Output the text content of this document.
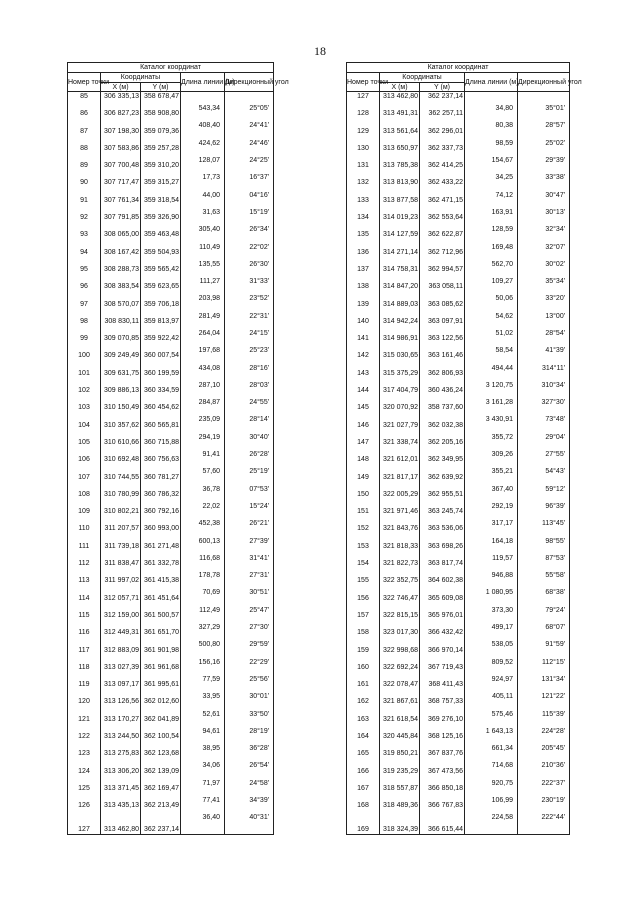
18
Каталог координат				
Номер точки	Координаты		Длина линии (м)	Дирекционный угол
	X (м)	Y (м)		
85	306 335,13	358 678,47	543,34	25°05'
86	306 827,23	358 908,80	408,40	24°41'
87	307 198,30	359 079,36	424,62	24°46'
88	307 583,86	359 257,28	128,07	24°25'
89	307 700,48	359 310,20	17,73	16°37'
90	307 717,47	359 315,27	44,00	04°16'
91	307 761,34	359 318,54	31,63	15°19'
92	307 791,85	359 326,90	305,40	26°34'
93	308 065,00	359 463,48	110,49	22°02'
94	308 167,42	359 504,93	135,55	26°30'
95	308 288,73	359 565,42	111,27	31°33'
96	308 383,54	359 623,65	203,98	23°52'
97	308 570,07	359 706,18	281,49	22°31'
98	308 830,11	359 813,97	264,04	24°15'
99	309 070,85	359 922,42	197,68	25°23'
100	309 249,49	360 007,54	434,08	28°16'
101	309 631,75	360 199,59	287,10	28°03'
102	309 886,13	360 334,59	284,87	24°55'
103	310 150,49	360 454,62	235,09	28°14'
104	310 357,62	360 565,81	294,19	30°40'
105	310 610,66	360 715,88	91,41	26°28'
106	310 692,48	360 756,63	57,60	25°19'
107	310 744,55	360 781,27	36,78	07°53'
108	310 780,99	360 786,32	22,02	15°24'
109	310 802,21	360 792,16	452,38	26°21'
110	311 207,57	360 993,00	600,13	27°39'
111	311 739,18	361 271,48	116,68	31°41'
112	311 838,47	361 332,78	178,78	27°31'
113	311 997,02	361 415,38	70,69	30°51'
114	312 057,71	361 451,64	112,49	25°47'
115	312 159,00	361 500,57	327,29	27°30'
116	312 449,31	361 651,70	500,80	29°59'
117	312 883,09	361 901,98	156,16	22°29'
118	313 027,39	361 961,68	77,59	25°56'
119	313 097,17	361 995,61	33,95	30°01'
120	313 126,56	362 012,60	52,61	33°50'
121	313 170,27	362 041,89	94,61	28°19'
122	313 244,50	362 100,54	38,95	36°28'
123	313 275,83	362 123,68	34,06	26°54'
124	313 306,20	362 139,09	71,97	24°58'
125	313 371,45	362 169,47	77,41	34°39'
126	313 435,13	362 213,49	36,40	40°31'
127	313 462,80	362 237,14		
Каталог координат				
Номер точки	Координаты		Длина линии (м)	Дирекционный угол
	X (м)	Y (м)		
127	313 462,80	362 237,14	34,80	35°01'
128	313 491,31	362 257,11	80,38	28°57'
129	313 561,64	362 296,01	98,59	25°02'
130	313 650,97	362 337,73	154,67	29°39'
131	313 785,38	362 414,25	34,25	33°38'
132	313 813,90	362 433,22	74,12	30°47'
133	313 877,58	362 471,15	163,91	30°13'
134	314 019,23	362 553,64	128,59	32°34'
135	314 127,59	362 622,87	169,48	32°07'
136	314 271,14	362 712,96	562,70	30°02'
137	314 758,31	362 994,57	109,27	35°34'
138	314 847,20	363 058,11	50,06	33°20'
139	314 889,03	363 085,62	54,62	13°00'
140	314 942,24	363 097,91	51,02	28°54'
141	314 986,91	363 122,56	58,54	41°39'
142	315 030,65	363 161,46	494,44	314°11'
143	315 375,29	362 806,93	3 120,75	310°34'
144	317 404,79	360 436,24	3 161,28	327°30'
145	320 070,92	358 737,60	3 430,91	73°48'
146	321 027,79	362 032,38	355,72	29°04'
147	321 338,74	362 205,16	309,26	27°55'
148	321 612,01	362 349,95	355,21	54°43'
149	321 817,17	362 639,92	367,40	59°12'
150	322 005,29	362 955,51	292,19	96°39'
151	321 971,46	363 245,74	317,17	113°45'
152	321 843,76	363 536,06	164,18	98°55'
153	321 818,33	363 698,26	119,57	87°53'
154	321 822,73	363 817,74	946,88	55°58'
155	322 352,75	364 602,38	1 080,95	68°38'
156	322 746,47	365 609,08	373,30	79°24'
157	322 815,15	365 976,01	499,17	68°07'
158	323 017,30	366 432,42	538,05	91°59'
159	322 998,68	366 970,14	809,52	112°15'
160	322 692,24	367 719,43	924,97	131°34'
161	322 078,47	368 411,43	405,11	121°22'
162	321 867,61	368 757,33	575,46	115°39'
163	321 618,54	369 276,10	1 643,13	224°28'
164	320 445,84	368 125,16	661,34	205°45'
165	319 850,21	367 837,76	714,68	210°36'
166	319 235,29	367 473,56	920,75	222°37'
167	318 557,87	366 850,18	106,99	230°19'
168	318 489,36	366 767,83	224,58	222°44'
169	318 324,39	366 615,44		
